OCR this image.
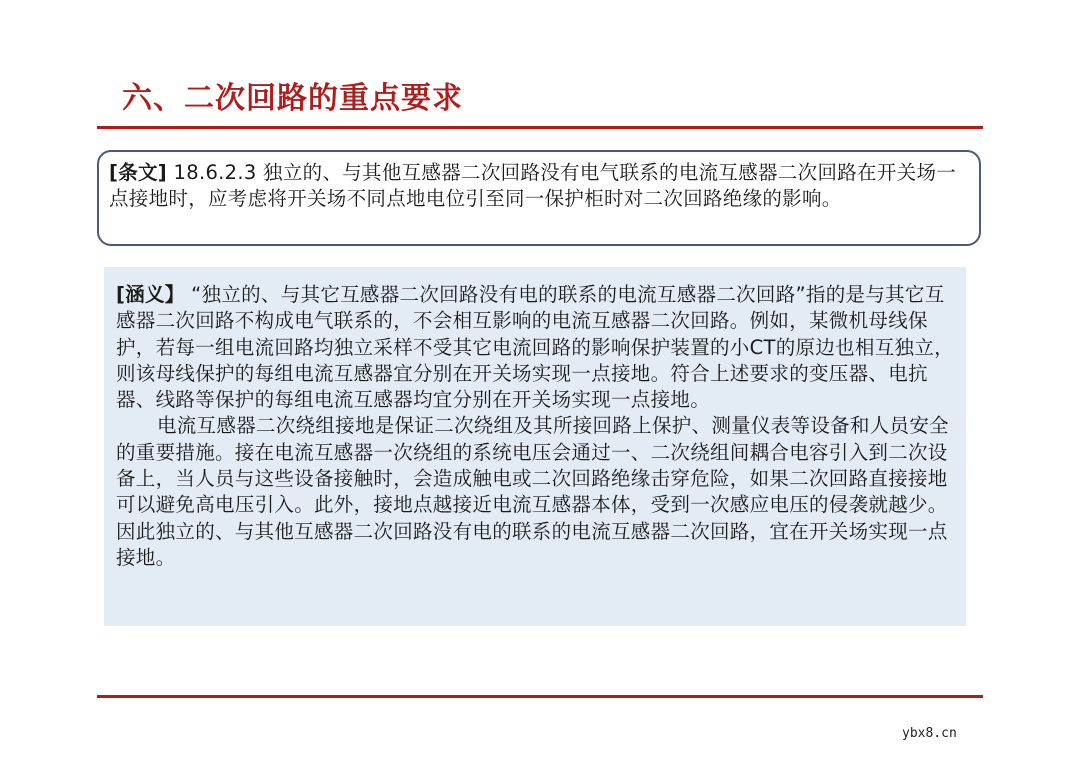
六、二次回路的重点要求
[条文] 18.6.2.3 独立的、与其他互感器二次回路没有电气联系的电流互感器二次回路在开关场一点接地时，应考虑将开关场不同点地电位引至同一保护柜时对二次回路绝缘的影响。

[涵义】 “独立的、与其它互感器二次回路没有电的联系的电流互感器二次回路”指的是与其它互感器二次回路不构成电气联系的，不会相互影响的电流互感器二次回路。例如，某微机母线保护，若每一组电流回路均独立采样不受其它电流回路的影响保护装置的小CT的原边也相互独立，则该母线保护的每组电流互感器宜分别在开关场实现一点接地。符合上述要求的变压器、电抗器、线路等保护的每组电流互感器均宜分别在开关场实现一点接地。

电流互感器二次绕组接地是保证二次绕组及其所接回路上保护、测量仪表等设备和人员安全的重要措施。接在电流互感器一次绕组的系统电压会通过一、二次绕组间耦合电容引入到二次设备上，当人员与这些设备接触时，会造成触电或二次回路绝缘击穿危险，如果二次回路直接接地可以避免高电压引入。此外，接地点越接近电流互感器本体，受到一次感应电压的侵袭就越少。因此独立的、与其他互感器二次回路没有电的联系的电流互感器二次回路，宜在开关场实现一点接地。

ybx8.cn
